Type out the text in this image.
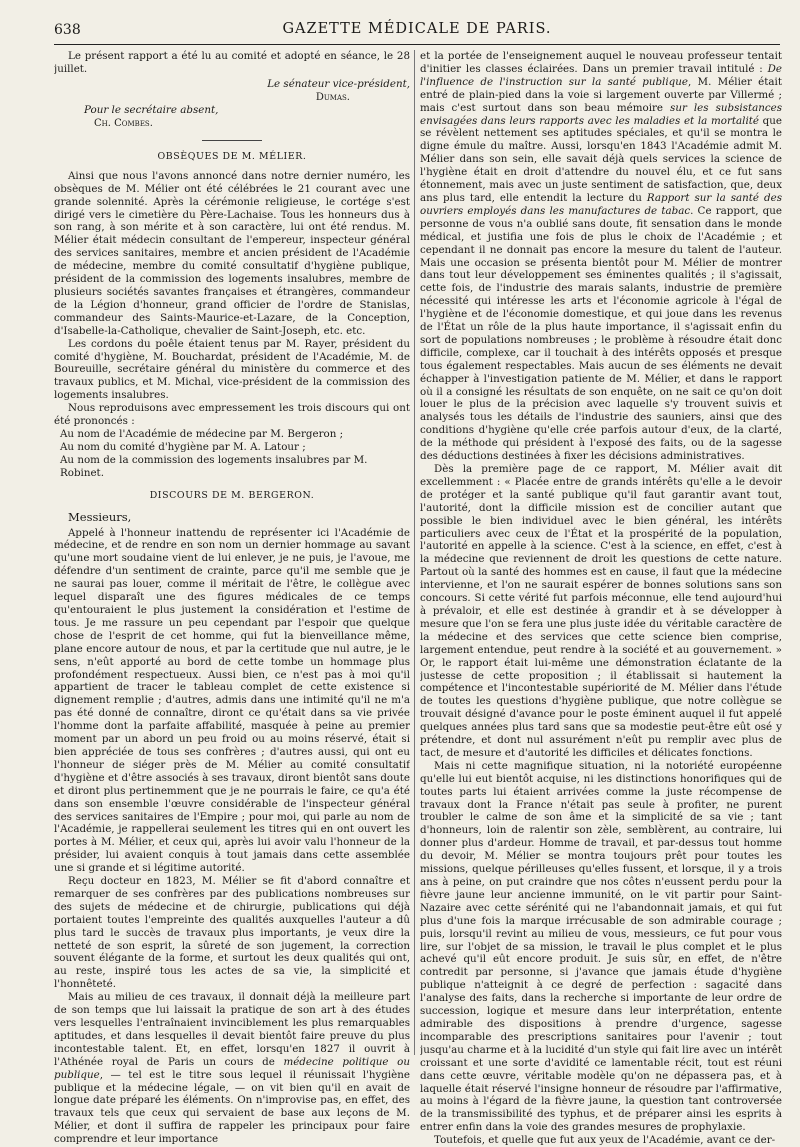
638	GAZETTE MÉDICALE DE PARIS.

Le présent rapport a été lu au comité et adopté en séance, le 28 juillet.

Le sénateur vice-président,
Dumas.
Pour le secrétaire absent,
Ch. Combes.
OBSÈQUES DE M. MÉLIER.

Ainsi que nous l'avons annoncé dans notre dernier numéro, les obsèques de M. Mélier ont été célébrées le 21 courant avec une grande solennité. Après la cérémonie religieuse, le cortége s'est dirigé vers le cimetière du Père-Lachaise. Tous les honneurs dus à son rang, à son mérite et à son caractère, lui ont été rendus. M. Mélier était médecin consultant de l'empereur, inspecteur général des services sanitaires, membre et ancien président de l'Académie de médecine, membre du comité consultatif d'hygiène publique, président de la commission des logements insalubres, membre de plusieurs sociétés savantes françaises et étrangères, commandeur de la Légion d'honneur, grand officier de l'ordre de Stanislas, commandeur des Saints-Maurice-et-Lazare, de la Conception, d'Isabelle-la-Catholique, chevalier de Saint-Joseph, etc. etc.

Les cordons du poêle étaient tenus par M. Rayer, président du comité d'hygiène, M. Bouchardat, président de l'Académie, M. de Boureuille, secrétaire général du ministère du commerce et des travaux publics, et M. Michal, vice-président de la commission des logements insalubres.

Nous reproduisons avec empressement les trois discours qui ont été prononcés :

Au nom de l'Académie de médecine par M. Bergeron ;
Au nom du comité d'hygiène par M. A. Latour ;
Au nom de la commission des logements insalubres par M. Robinet.
DISCOURS DE M. BERGERON.
Messieurs,

Appelé à l'honneur inattendu de représenter ici l'Académie de médecine, et de rendre en son nom un dernier hommage au savant qu'une mort soudaine vient de lui enlever, je ne puis, je l'avoue, me défendre d'un sentiment de crainte, parce qu'il me semble que je ne saurai pas louer, comme il méritait de l'être, le collègue avec lequel disparaît une des figures médicales de ce temps qu'entouraient le plus justement la considération et l'estime de tous. Je me rassure un peu cependant par l'espoir que quelque chose de l'esprit de cet homme, qui fut la bienveillance même, plane encore autour de nous, et par la certitude que nul autre, je le sens, n'eût apporté au bord de cette tombe un hommage plus profondément respectueux. Aussi bien, ce n'est pas à moi qu'il appartient de tracer le tableau complet de cette existence si dignement remplie ; d'autres, admis dans une intimité qu'il ne m'a pas été donné de connaître, diront ce qu'était dans sa vie privée l'homme dont la parfaite affabilité, masquée à peine au premier moment par un abord un peu froid ou au moins réservé, était si bien appréciée de tous ses confrères ; d'autres aussi, qui ont eu l'honneur de siéger près de M. Mélier au comité consultatif d'hygiène et d'être associés à ses travaux, diront bientôt sans doute et diront plus pertinemment que je ne pourrais le faire, ce qu'a été dans son ensemble l'œuvre considérable de l'inspecteur général des services sanitaires de l'Empire ; pour moi, qui parle au nom de l'Académie, je rappellerai seulement les titres qui en ont ouvert les portes à M. Mélier, et ceux qui, après lui avoir valu l'honneur de la présider, lui avaient conquis à tout jamais dans cette assemblée une si grande et si légitime autorité.

Reçu docteur en 1823, M. Mélier se fit d'abord connaître et remarquer de ses confrères par des publications nombreuses sur des sujets de médecine et de chirurgie, publications qui déjà portaient toutes l'empreinte des qualités auxquelles l'auteur a dû plus tard le succès de travaux plus importants, je veux dire la netteté de son esprit, la sûreté de son jugement, la correction souvent élégante de la forme, et surtout les deux qualités qui ont, au reste, inspiré tous les actes de sa vie, la simplicité et l'honnêteté.

Mais au milieu de ces travaux, il donnait déjà la meilleure part de son temps que lui laissait la pratique de son art à des études vers lesquelles l'entraînaient invinciblement les plus remarquables aptitudes, et dans lesquelles il devait bientôt faire preuve du plus incontestable talent. Et, en effet, lorsqu'en 1827 il ouvrit à l'Athénée royal de Paris un cours de médecine politique ou publique, — tel est le titre sous lequel il réunissait l'hygiène publique et la médecine légale, — on vit bien qu'il en avait de longue date préparé les éléments. On n'improvise pas, en effet, des travaux tels que ceux qui servaient de base aux leçons de M. Mélier, et dont il suffira de rappeler les principaux pour faire comprendre et leur importance

et la portée de l'enseignement auquel le nouveau professeur tentait d'initier les classes éclairées. Dans un premier travail intitulé : De l'influence de l'instruction sur la santé publique, M. Mélier était entré de plain-pied dans la voie si largement ouverte par Villermé ; mais c'est surtout dans son beau mémoire sur les subsistances envisagées dans leurs rapports avec les maladies et la mortalité que se révèlent nettement ses aptitudes spéciales, et qu'il se montra le digne émule du maître. Aussi, lorsqu'en 1843 l'Académie admit M. Mélier dans son sein, elle savait déjà quels services la science de l'hygiène était en droit d'attendre du nouvel élu, et ce fut sans étonnement, mais avec un juste sentiment de satisfaction, que, deux ans plus tard, elle entendit la lecture du Rapport sur la santé des ouvriers employés dans les manufactures de tabac. Ce rapport, que personne de vous n'a oublié sans doute, fit sensation dans le monde médical, et justifia une fois de plus le choix de l'Académie ; et cependant il ne donnait pas encore la mesure du talent de l'auteur. Mais une occasion se présenta bientôt pour M. Mélier de montrer dans tout leur développement ses éminentes qualités ; il s'agissait, cette fois, de l'industrie des marais salants, industrie de première nécessité qui intéresse les arts et l'économie agricole à l'égal de l'hygiène et de l'économie domestique, et qui joue dans les revenus de l'État un rôle de la plus haute importance, il s'agissait enfin du sort de populations nombreuses ; le problème à résoudre était donc difficile, complexe, car il touchait à des intérêts opposés et presque tous également respectables. Mais aucun de ses éléments ne devait échapper à l'investigation patiente de M. Mélier, et dans le rapport où il a consigné les résultats de son enquête, on ne sait ce qu'on doit louer le plus de la précision avec laquelle s'y trouvent suivis et analysés tous les détails de l'industrie des sauniers, ainsi que des conditions d'hygiène qu'elle crée parfois autour d'eux, de la clarté, de la méthode qui président à l'exposé des faits, ou de la sagesse des déductions destinées à fixer les décisions administratives.

Dès la première page de ce rapport, M. Mélier avait dit excellemment : « Placée entre de grands intérêts qu'elle a le devoir de protéger et la santé publique qu'il faut garantir avant tout, l'autorité, dont la difficile mission est de concilier autant que possible le bien individuel avec le bien général, les intérêts particuliers avec ceux de l'État et la prospérité de la population, l'autorité en appelle à la science. C'est à la science, en effet, c'est à la médecine que reviennent de droit les questions de cette nature. Partout où la santé des hommes est en cause, il faut que la médecine intervienne, et l'on ne saurait espérer de bonnes solutions sans son concours. Si cette vérité fut parfois méconnue, elle tend aujourd'hui à prévaloir, et elle est destinée à grandir et à se développer à mesure que l'on se fera une plus juste idée du véritable caractère de la médecine et des services que cette science bien comprise, largement entendue, peut rendre à la société et au gouvernement. » Or, le rapport était lui-même une démonstration éclatante de la justesse de cette proposition ; il établissait si hautement la compétence et l'incontestable supériorité de M. Mélier dans l'étude de toutes les questions d'hygiène publique, que notre collègue se trouvait désigné d'avance pour le poste éminent auquel il fut appelé quelques années plus tard sans que sa modestie peut-être eût osé y prétendre, et dont nul assurément n'eût pu remplir avec plus de tact, de mesure et d'autorité les difficiles et délicates fonctions.

Mais ni cette magnifique situation, ni la notoriété européenne qu'elle lui eut bientôt acquise, ni les distinctions honorifiques qui de toutes parts lui étaient arrivées comme la juste récompense de travaux dont la France n'était pas seule à profiter, ne purent troubler le calme de son âme et la simplicité de sa vie ; tant d'honneurs, loin de ralentir son zèle, semblèrent, au contraire, lui donner plus d'ardeur. Homme de travail, et par-dessus tout homme du devoir, M. Mélier se montra toujours prêt pour toutes les missions, quelque périlleuses qu'elles fussent, et lorsque, il y a trois ans à peine, on put craindre que nos côtes n'eussent perdu pour la fièvre jaune leur ancienne immunité, on le vit partir pour Saint-Nazaire avec cette sérénité qui ne l'abandonnait jamais, et qui fut plus d'une fois la marque irrécusable de son admirable courage ; puis, lorsqu'il revint au milieu de vous, messieurs, ce fut pour vous lire, sur l'objet de sa mission, le travail le plus complet et le plus achevé qu'il eût encore produit. Je suis sûr, en effet, de n'être contredit par personne, si j'avance que jamais étude d'hygiène publique n'atteignit à ce degré de perfection : sagacité dans l'analyse des faits, dans la recherche si importante de leur ordre de succession, logique et mesure dans leur interprétation, entente admirable des dispositions à prendre d'urgence, sagesse incomparable des prescriptions sanitaires pour l'avenir ; tout jusqu'au charme et à la lucidité d'un style qui fait lire avec un intérêt croissant et une sorte d'avidité ce lamentable récit, tout est réuni dans cette œuvre, véritable modèle qu'on ne dépassera pas, et à laquelle était réservé l'insigne honneur de résoudre par l'affirmative, au moins à l'égard de la fièvre jaune, la question tant controversée de la transmissibilité des typhus, et de préparer ainsi les esprits à entrer enfin dans la voie des grandes mesures de prophylaxie.

Toutefois, et quelle que fut aux yeux de l'Académie, avant ce der-
